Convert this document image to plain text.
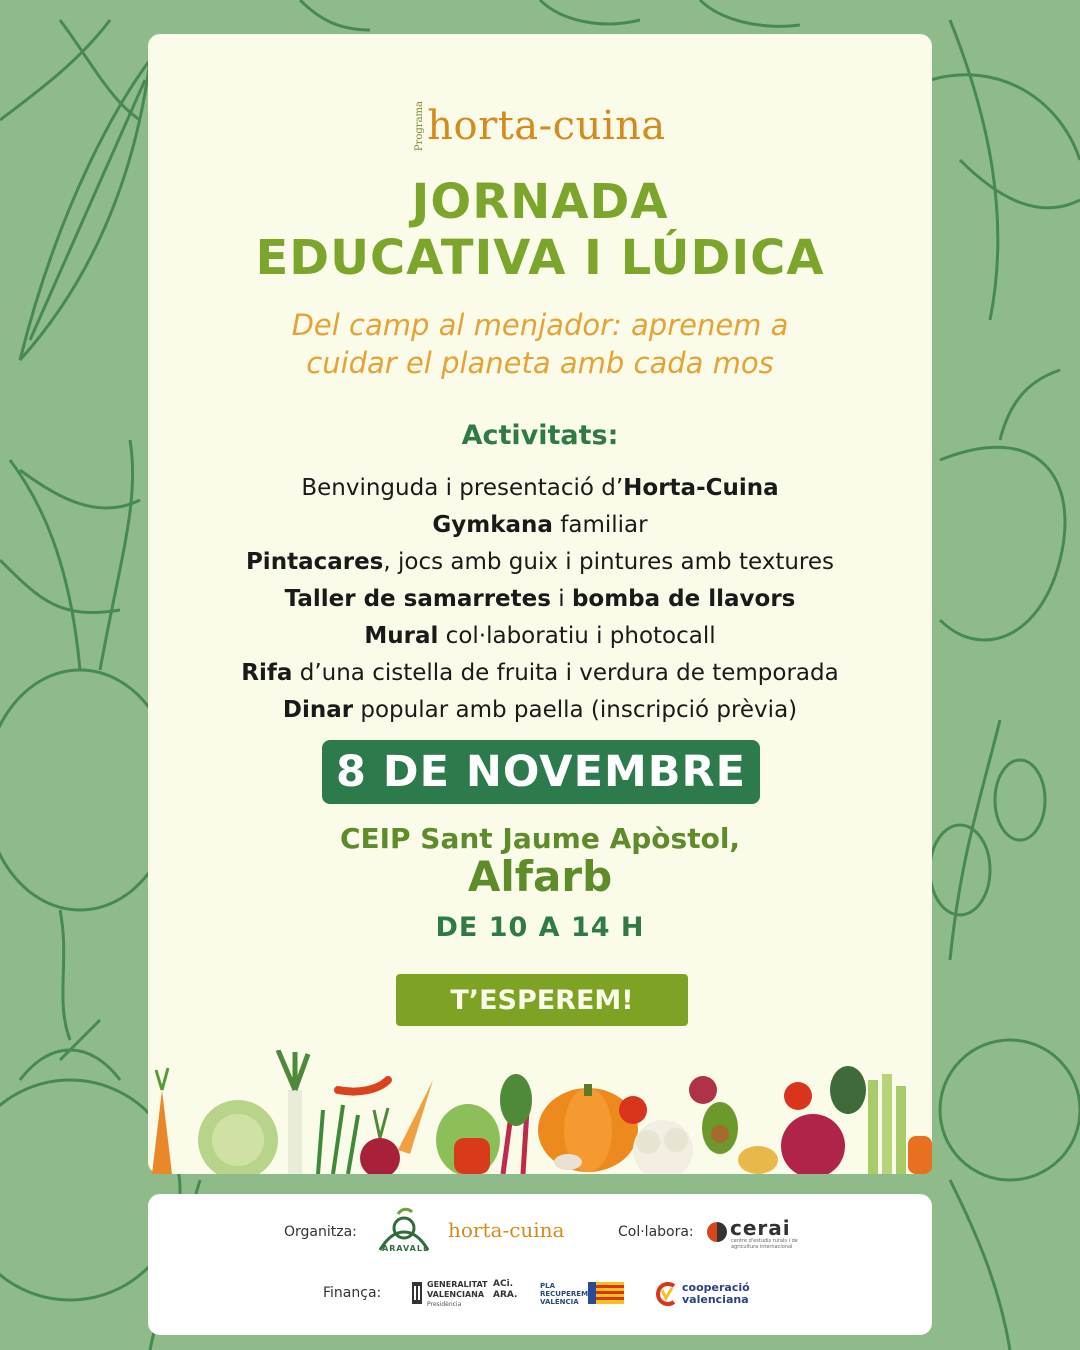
Programa horta-cuina
JORNADA
EDUCATIVA I LÚDICA
Del camp al menjador: aprenem a
cuidar el planeta amb cada mos
Activitats:
Benvinguda i presentació d’Horta-Cuina
Gymkana familiar
Pintacares, jocs amb guix i pintures amb textures
Taller de samarretes i bomba de llavors
Mural col·laboratiu i photocall
Rifa d’una cistella de fruita i verdura de temporada
Dinar popular amb paella (inscripció prèvia)
8 DE NOVEMBRE
CEIP Sant Jaume Apòstol,
Alfarb
DE 10 A 14 H
T’ESPEREM!
Organitza:
ARAVALL
horta-cuina	Col·labora: cerai
centre d'estudis rurals i de agricultura internacional
Finança:
GENERALITAT
VALENCIANA
Presidència
ACi.
ARA.
PLA
RECUPEREM
VALÈNCIA
cooperació
valenciana
